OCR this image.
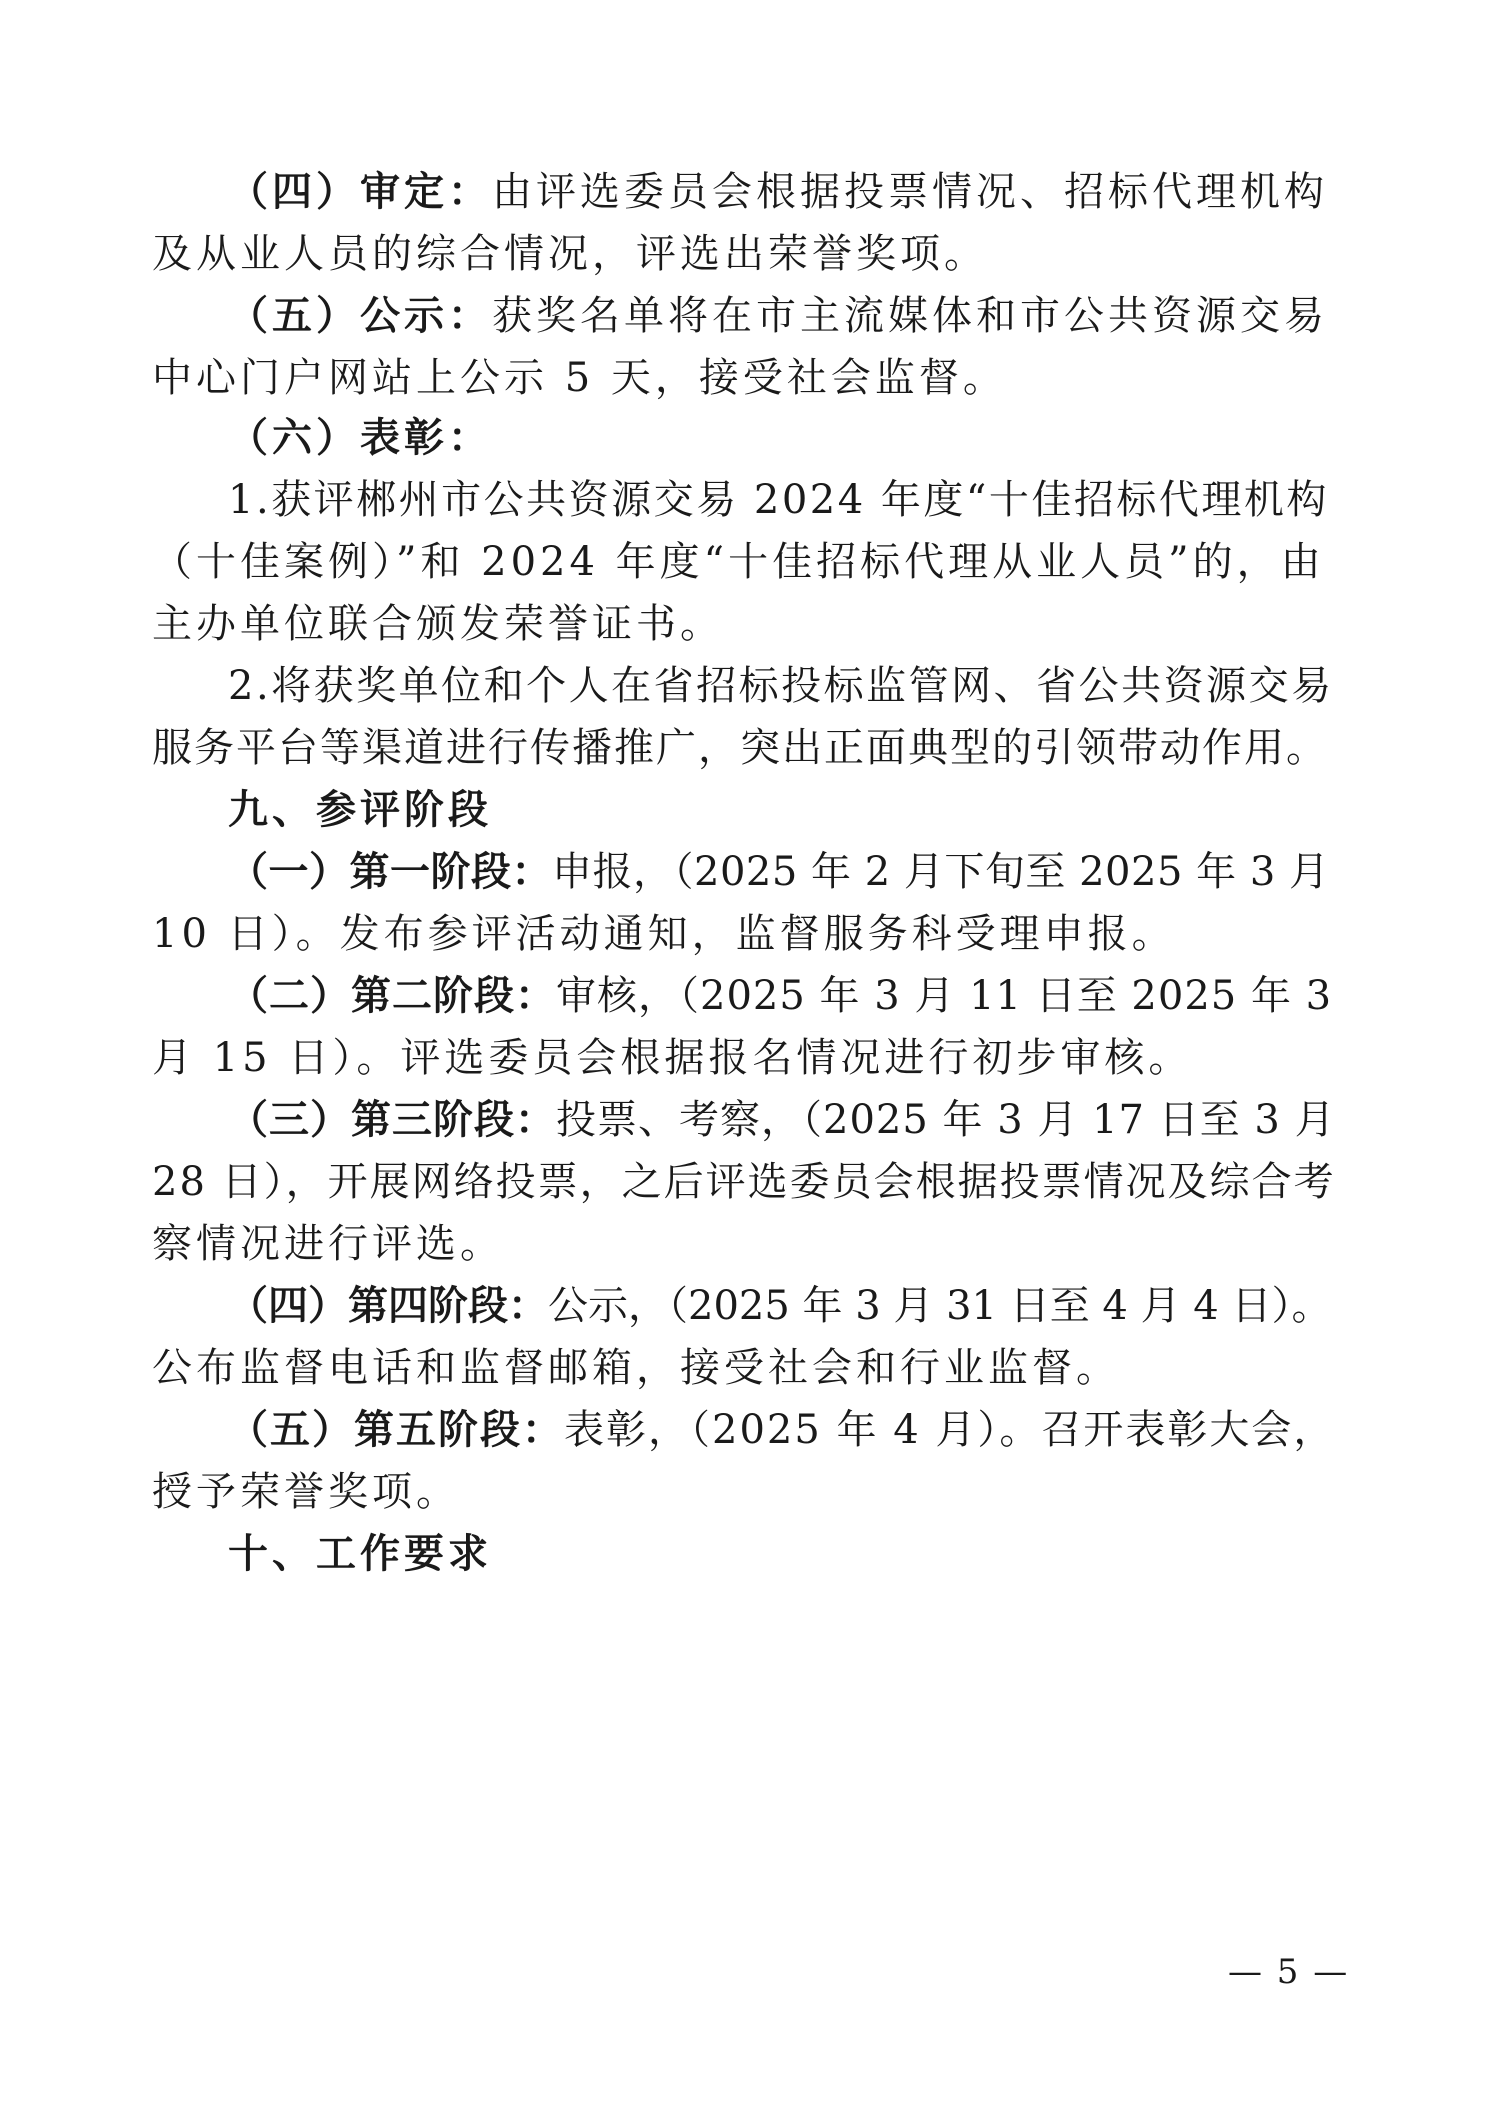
（四）审定：由评选委员会根据投票情况、招标代理机构
及从业人员的综合情况，评选出荣誉奖项。
（五）公示：获奖名单将在市主流媒体和市公共资源交易
中心门户网站上公示 5 天，接受社会监督。
（六）表彰：
1.获评郴州市公共资源交易 2024 年度“十佳招标代理机构
（十佳案例）”和 2024 年度“十佳招标代理从业人员”的，由
主办单位联合颁发荣誉证书。
2.将获奖单位和个人在省招标投标监管网、省公共资源交易
服务平台等渠道进行传播推广，突出正面典型的引领带动作用。
九、参评阶段
（一）第一阶段：申报，（2025 年 2 月下旬至 2025 年 3 月
10 日）。发布参评活动通知，监督服务科受理申报。
（二）第二阶段：审核，（2025 年 3 月 11 日至 2025 年 3
月 15 日）。评选委员会根据报名情况进行初步审核。
（三）第三阶段：投票、考察，（2025 年 3 月 17 日至 3 月
28 日），开展网络投票，之后评选委员会根据投票情况及综合考
察情况进行评选。
（四）第四阶段：公示，（2025 年 3 月 31 日至 4 月 4 日）。
公布监督电话和监督邮箱，接受社会和行业监督。
（五）第五阶段：表彰，（2025 年 4 月）。召开表彰大会，
授予荣誉奖项。
十、工作要求
— 5 —
